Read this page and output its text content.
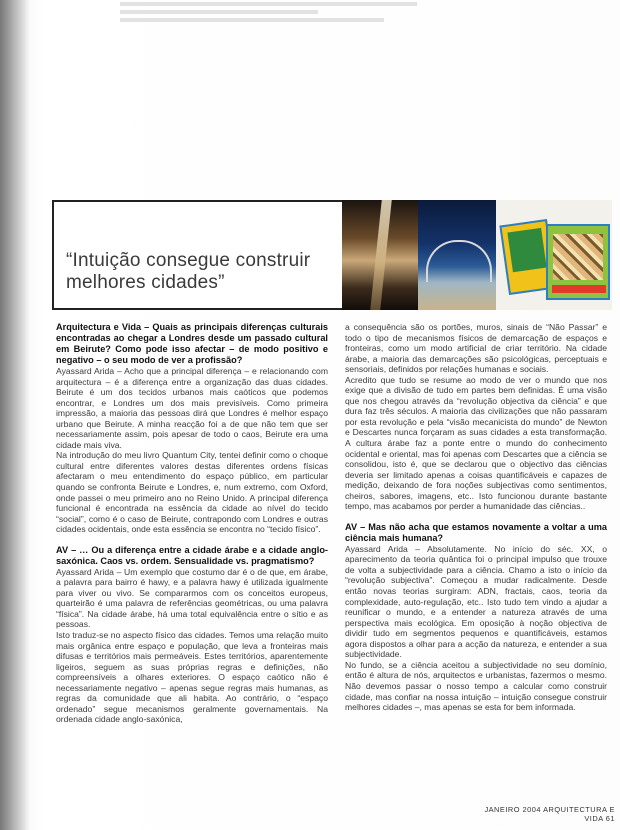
“Intuição consegue construir melhores cidades”

Arquitectura e Vida – Quais as principais diferenças culturais encontradas ao chegar a Londres desde um passado cultural em Beirute? Como pode isso afectar – de modo positivo e negativo – o seu modo de ver a profissão?

Ayassard Arida – Acho que a principal diferença – e relacionando com arquitectura – é a diferença entre a organização das duas cidades. Beirute é um dos tecidos urbanos mais caóticos que podemos encontrar, e Londres um dos mais previsíveis. Como primeira impressão, a maioria das pessoas dirá que Londres é melhor espaço urbano que Beirute. A minha reacção foi a de que não tem que ser necessariamente assim, pois apesar de todo o caos, Beirute era uma cidade mais viva.

Na introdução do meu livro Quantum City, tentei definir como o choque cultural entre diferentes valores destas diferentes ordens físicas afectaram o meu entendimento do espaço público, em particular quando se confronta Beirute e Londres, e, num extremo, com Oxford, onde passei o meu primeiro ano no Reino Unido. A principal diferença funcional é encontrada na essência da cidade ao nível do tecido “social”, como é o caso de Beirute, contrapondo com Londres e outras cidades ocidentais, onde esta essência se encontra no “tecido físico”.

AV – … Ou a diferença entre a cidade árabe e a cidade anglo-saxónica. Caos vs. ordem. Sensualidade vs. pragmatismo?

Ayassard Arida – Um exemplo que costumo dar é o de que, em árabe, a palavra para bairro é hawy, e a palavra hawy é utilizada igualmente para viver ou vivo. Se compararmos com os conceitos europeus, quarteirão é uma palavra de referências geométricas, ou uma palavra “física”. Na cidade árabe, há uma total equivalência entre o sítio e as pessoas.

Isto traduz-se no aspecto físico das cidades. Temos uma relação muito mais orgânica entre espaço e população, que leva a fronteiras mais difusas e territórios mais permeáveis. Estes territórios, aparentemente ligeiros, seguem as suas próprias regras e definições, não compreensíveis a olhares exteriores. O espaço caótico não é necessariamente negativo – apenas segue regras mais humanas, as regras da comunidade que ali habita. Ao contrário, o “espaço ordenado” segue mecanismos geralmente governamentais. Na ordenada cidade anglo-saxónica,

a consequência são os portões, muros, sinais de “Não Passar” e todo o tipo de mecanismos físicos de demarcação de espaços e fronteiras, como um modo artificial de criar território. Na cidade árabe, a maioria das demarcações são psicológicas, perceptuais e sensoriais, definidos por relações humanas e sociais.

Acredito que tudo se resume ao modo de ver o mundo que nos exige que a divisão de tudo em partes bem definidas. É uma visão que nos chegou através da “revolução objectiva da ciência” e que dura faz três séculos. A maioria das civilizações que não passaram por esta revolução e pela “visão mecanicista do mundo” de Newton e Descartes nunca forçaram as suas cidades a esta transformação. A cultura árabe faz a ponte entre o mundo do conhecimento ocidental e oriental, mas foi apenas com Descartes que a ciência se consolidou, isto é, que se declarou que o objectivo das ciências deveria ser limitado apenas a coisas quantificáveis e capazes de medição, deixando de fora noções subjectivas como sentimentos, cheiros, sabores, imagens, etc.. Isto funcionou durante bastante tempo, mas acabamos por perder a humanidade das ciências..

AV – Mas não acha que estamos novamente a voltar a uma ciência mais humana?

Ayassard Arida – Absolutamente. No início do séc. XX, o aparecimento da teoria quântica foi o principal impulso que trouxe de volta a subjectividade para a ciência. Chamo a isto o início da “revolução subjectiva”. Começou a mudar radicalmente. Desde então novas teorias surgiram: ADN, fractais, caos, teoria da complexidade, auto-regulação, etc.. Isto tudo tem vindo a ajudar a reunificar o mundo, e a entender a natureza através de uma perspectiva mais ecológica. Em oposição à noção objectiva de dividir tudo em segmentos pequenos e quantificáveis, estamos agora dispostos a olhar para a acção da natureza, e entender a sua subjectividade.

No fundo, se a ciência aceitou a subjectividade no seu domínio, então é altura de nós, arquitectos e urbanistas, fazermos o mesmo. Não devemos passar o nosso tempo a calcular como construir cidade, mas confiar na nossa intuição – intuição consegue construir melhores cidades –, mas apenas se esta for bem informada.

JANEIRO 2004 ARQUITECTURA E VIDA 61
